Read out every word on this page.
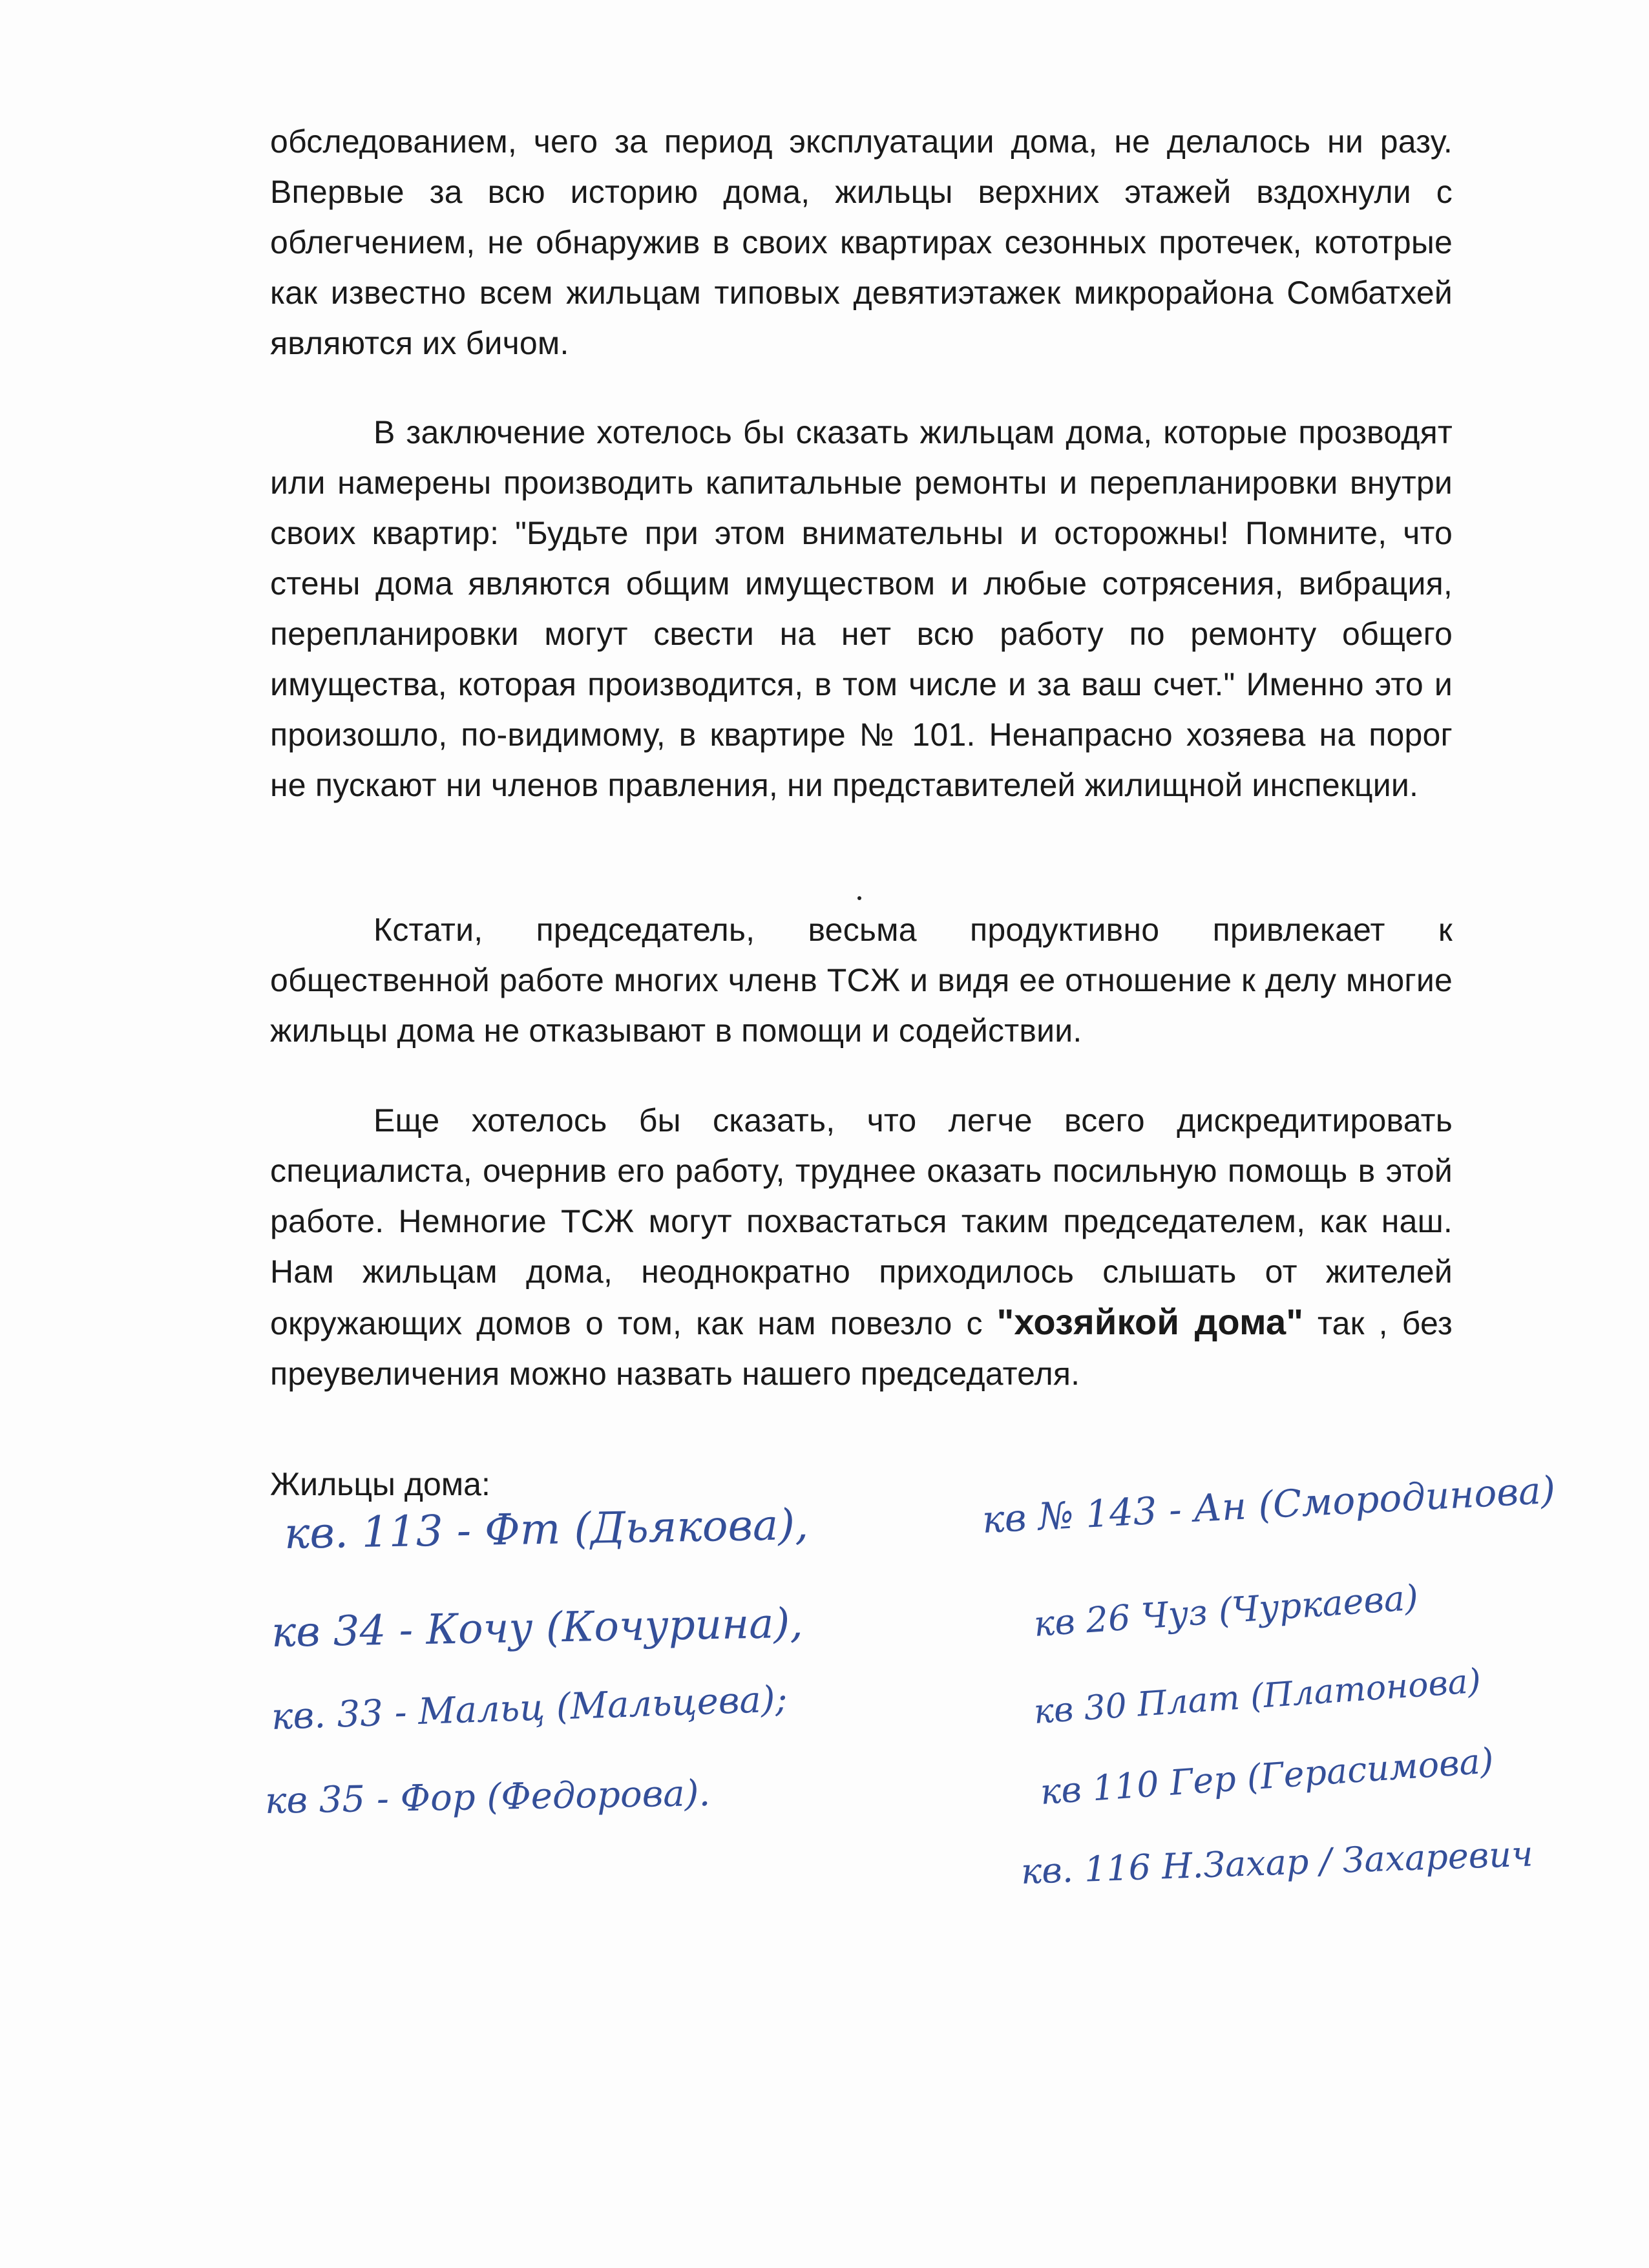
обследованием, чего за период эксплуатации дома, не делалось ни разу. Впервые за всю историю дома, жильцы верхних этажей вздохнули с облегчением, не обнаружив в своих квартирах сезонных протечек, кототрые как известно всем жильцам типовых девятиэтажек микрорайона Сомбатхей являются их бичом.

В заключение хотелось бы сказать жильцам дома, которые прозводят или намерены производить капитальные ремонты и перепланировки внутри своих квартир: "Будьте при этом внимательны и осторожны! Помните, что стены дома являются общим имуществом и любые сотрясения, вибрация, перепланировки могут свести на нет всю работу по ремонту общего имущества, которая производится, в том числе и за ваш счет." Именно это и произошло, по-видимому, в квартире № 101. Ненапрасно хозяева на порог не пускают ни членов правления, ни представителей жилищной инспекции.

Кстати, председатель, весьма продуктивно привлекает к общественной работе многих членв ТСЖ и видя ее отношение к делу многие жильцы дома не отказывают в помощи и содействии.

Еще хотелось бы сказать, что легче всего дискредитировать специалиста, очернив его работу, труднее оказать посильную помощь в этой работе. Немногие ТСЖ могут похвастаться таким председателем, как наш. Нам жильцам дома, неоднократно приходилось слышать от жителей окружающих домов о том, как нам повезло с "хозяйкой дома" так , без преувеличения можно назвать нашего председателя.

Жильцы дома:
кв. 113 - Фт (Дьякова),	кв № 143 - Ан (Смородинова)
кв 34 - Кочу (Кочурина),	кв 26 Чуз (Чуркаева)
кв. 33 - Мальц (Мальцева);	кв 30 Плат (Платонова)
кв 35 - Фор (Федорова).	кв 110 Гер (Герасимова)
кв. 116 Н.Захар / Захаревич
